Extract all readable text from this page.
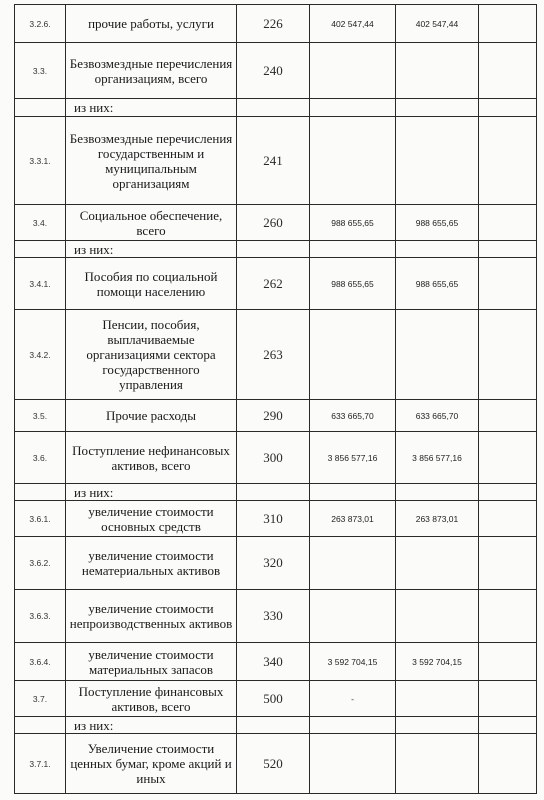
3.2.6.	прочие работы, услуги	226	402 547,44	402 547,44	
3.3.	Безвозмездные перечисления организациям, всего	240			
	из них:				
3.3.1.	Безвозмездные перечисления государственным и муниципальным организациям	241			
3.4.	Социальное обеспечение, всего	260	988 655,65	988 655,65	
	из них:				
3.4.1.	Пособия по социальной помощи населению	262	988 655,65	988 655,65	
3.4.2.	Пенсии, пособия, выплачиваемые организациями сектора государственного управления	263			
3.5.	Прочие расходы	290	633 665,70	633 665,70	
3.6.	Поступление нефинансовых активов, всего	300	3 856 577,16	3 856 577,16	
	из них:				
3.6.1.	увеличение стоимости основных средств	310	263 873,01	263 873,01	
3.6.2.	увеличение стоимости нематериальных активов	320			
3.6.3.	увеличение стоимости непроизводственных активов	330			
3.6.4.	увеличение стоимости материальных запасов	340	3 592 704,15	3 592 704,15	
3.7.	Поступление финансовых активов, всего	500	-		
	из них:				
3.7.1.	Увеличение стоимости ценных бумаг, кроме акций и иных	520			
